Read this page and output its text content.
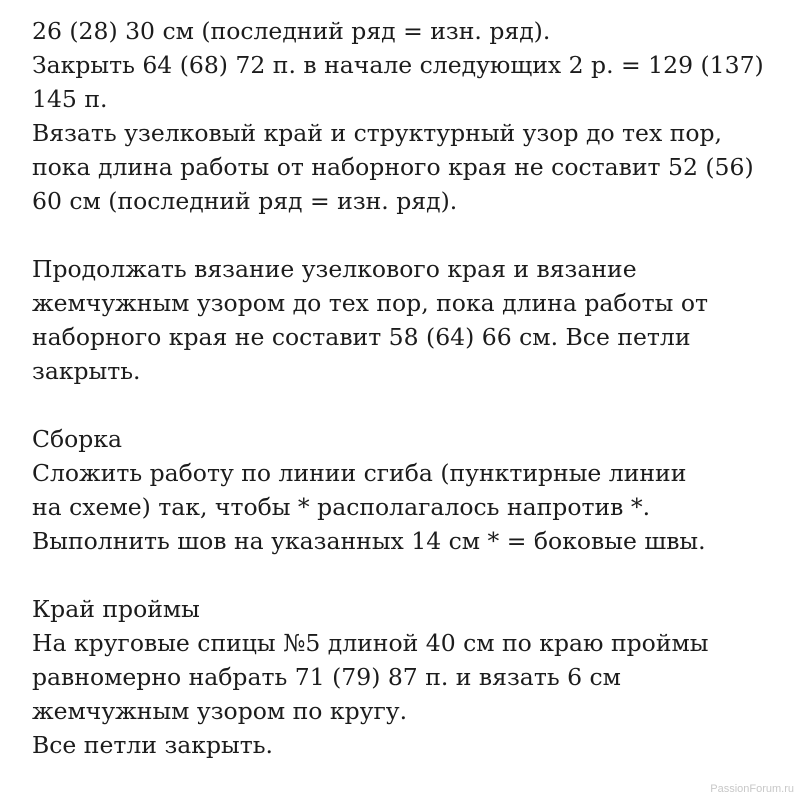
26 (28) 30 см (последний ряд = изн. ряд).
Закрыть 64 (68) 72 п. в начале следующих 2 р. = 129 (137)
145 п.
Вязать узелковый край и структурный узор до тех пор,
пока длина работы от наборного края не составит 52 (56)
60 см (последний ряд = изн. ряд).
Продолжать вязание узелкового края и вязание
жемчужным узором до тех пор, пока длина работы от
наборного края не составит 58 (64) 66 см. Все петли
закрыть.
Сборка
Сложить работу по линии сгиба (пунктирные линии
на схеме) так, чтобы * располагалось напротив *.
Выполнить шов на указанных 14 см * = боковые швы.
Край проймы
На круговые спицы №5 длиной 40 см по краю проймы
равномерно набрать 71 (79) 87 п. и вязать 6 см
жемчужным узором по кругу.
Все петли закрыть.
PassionForum.ru
